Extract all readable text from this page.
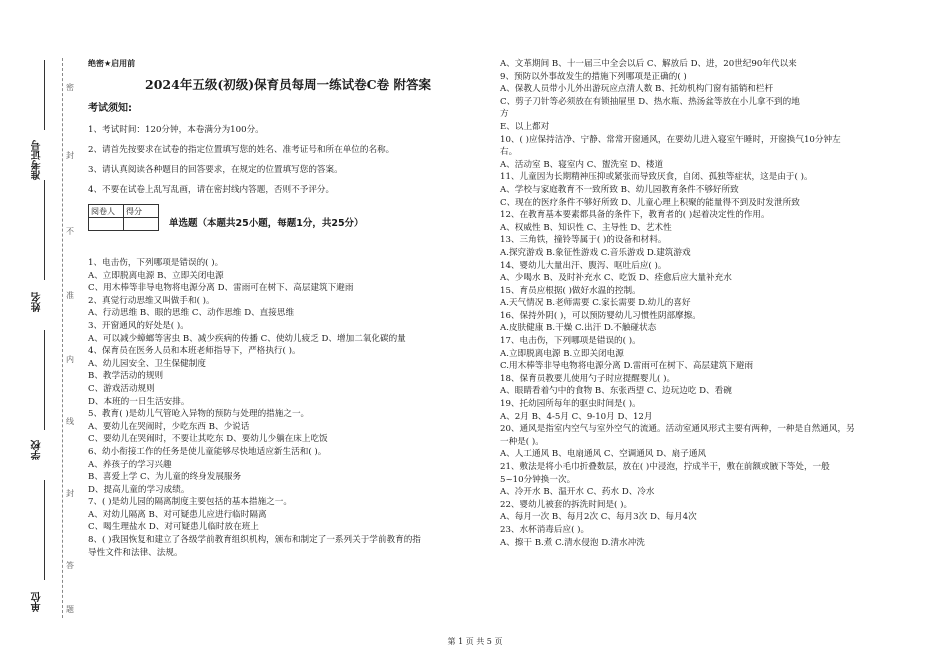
准考证号
姓名
学校
单位
密
封
不
准
内
线
封
答
题
绝密★启用前
2024年五级(初级)保育员每周一练试卷C卷 附答案
考试须知:
1、考试时间：120分钟，本卷满分为100分。
2、请首先按要求在试卷的指定位置填写您的姓名、准考证号和所在单位的名称。
3、请认真阅读各种题目的回答要求，在规定的位置填写您的答案。
4、不要在试卷上乱写乱画，请在密封线内答题，否则不予评分。
阅卷人	得分

单选题（本题共25小题，每题1分，共25分）
1、电击伤，下列哪项是错误的( )。
A、立即脱离电源 B、立即关闭电源
C、用木棒等非导电物将电源分离 D、雷雨可在树下、高层建筑下避雨
2、真觉行动思维又叫做手和( )。
A、行动思维 B、眼的思维 C、动作思维 D、直接思维
3、开窗通风的好处是( )。
A、可以减少蟑螂等害虫 B、减少疾病的传播 C、使幼儿疲乏 D、增加二氧化碳的量
4、保育员在医务人员和本班老师指导下，严格执行( )。
A、幼儿园安全、卫生保健制度
B、教学活动的规则
C、游戏活动规则
D、本班的一日生活安排。
5、教育( )是幼儿气管呛入异物的预防与处理的措施之一。
A、要幼儿在哭闹时，少吃东西 B、少说话
C、要幼儿在哭闹时，不要让其吃东 D、要幼儿少躺在床上吃饭
6、幼小衔接工作的任务是使儿童能够尽快地适应新生活和( )。
A、养孩子的学习兴趣
B、喜爱上学 C、为儿童的终身发展服务
D、提高儿童的学习成绩。
7、( )是幼儿园的隔离制度主要包括的基本措施之一。
A、对幼儿隔离 B、对可疑患儿应进行临时隔离
C、喝生理盐水 D、对可疑患儿临时放在班上
8、( )我国恢复和建立了各级学前教育组织机构，颁布和制定了一系列关于学前教育的指
导性文件和法律、法规。
A、文革期间 B、十一届三中全会以后 C、解放后 D、进，20世纪90年代以来
9、预防以外事故发生的措施下列哪项是正确的( )
A、保教人员带小儿外出游玩应点清人数 B、托幼机构门窗有插销和栏杆
C、剪子刀针等必须放在有锁抽屉里 D、热水瓶、热汤盆等放在小儿拿不到的地
方
E、以上都对
10、( )应保持洁净、宁静、常常开窗通风，在要幼儿进入寝室午睡时，开窗换气10分钟左
右。
A、活动室 B、寝室内 C、盥洗室 D、楼道
11、儿童因为长期精神压抑或紧张而导致厌食，自闭、孤独等症状，这是由于( )。
A、学校与家庭教育不一致所致 B、幼儿园教育条件不够好所致
C、现在的医疗条件不够好所致 D、儿童心理上积聚的能量得不到及时发泄所致
12、在教育基本要素都具备的条件下，教育者的( )起着决定性的作用。
A、权威性 B、知识性 C、主导性 D、艺术性
13、三角铁，撞铃等属于( )的设备和材料。
A.探究游戏 B.象征性游戏 C.音乐游戏 D.建筑游戏
14、婴幼儿大量出汗、腹泻、呕吐后应( )。
A、少喝水 B、及时补充水 C、吃饭 D、痊愈后应大量补充水
15、育员应根据( )做好水温的控制。
A.天气情况 B.老师需要 C.家长需要 D.幼儿的喜好
16、保持外阴( )，可以预防婴幼儿习惯性阴部摩擦。
A.皮肤健康 B.干燥 C.出汗 D.不触碰状态
17、电击伤，下列哪项是错误的( )。
A.立即脱离电源 B.立即关闭电源
C.用木棒等非导电物将电源分离 D.雷雨可在树下、高层建筑下避雨
18、保育员教要儿使用勺子时应提醒婴儿( )。
A、眼睛看着勺中的食物 B、东张西望 C、边玩边吃 D、看碗
19、托幼园所每年的驱虫时间是( )。
A、2月 B、4-5月 C、9-10月 D、12月
20、通风是指室内空气与室外空气的流通。活动室通风形式主要有两种，一种是自然通风，另
一种是( )。
A、人工通风 B、电扇通风 C、空调通风 D、扇子通风
21、敷法是将小毛巾折叠数层，放在( )中浸泡，拧成半干，敷在前额或腋下等处，一般
5~10分钟换一次。
A、冷开水 B、温开水 C、药水 D、冷水
22、婴幼儿被套的拆洗时间是( )。
A、每月一次 B、每月2次 C、每月3次 D、每月4次
23、水杯消毒后应( )。
A、擦干 B.煮 C.清水侵泡 D.清水冲洗
第 1 页 共 5 页
